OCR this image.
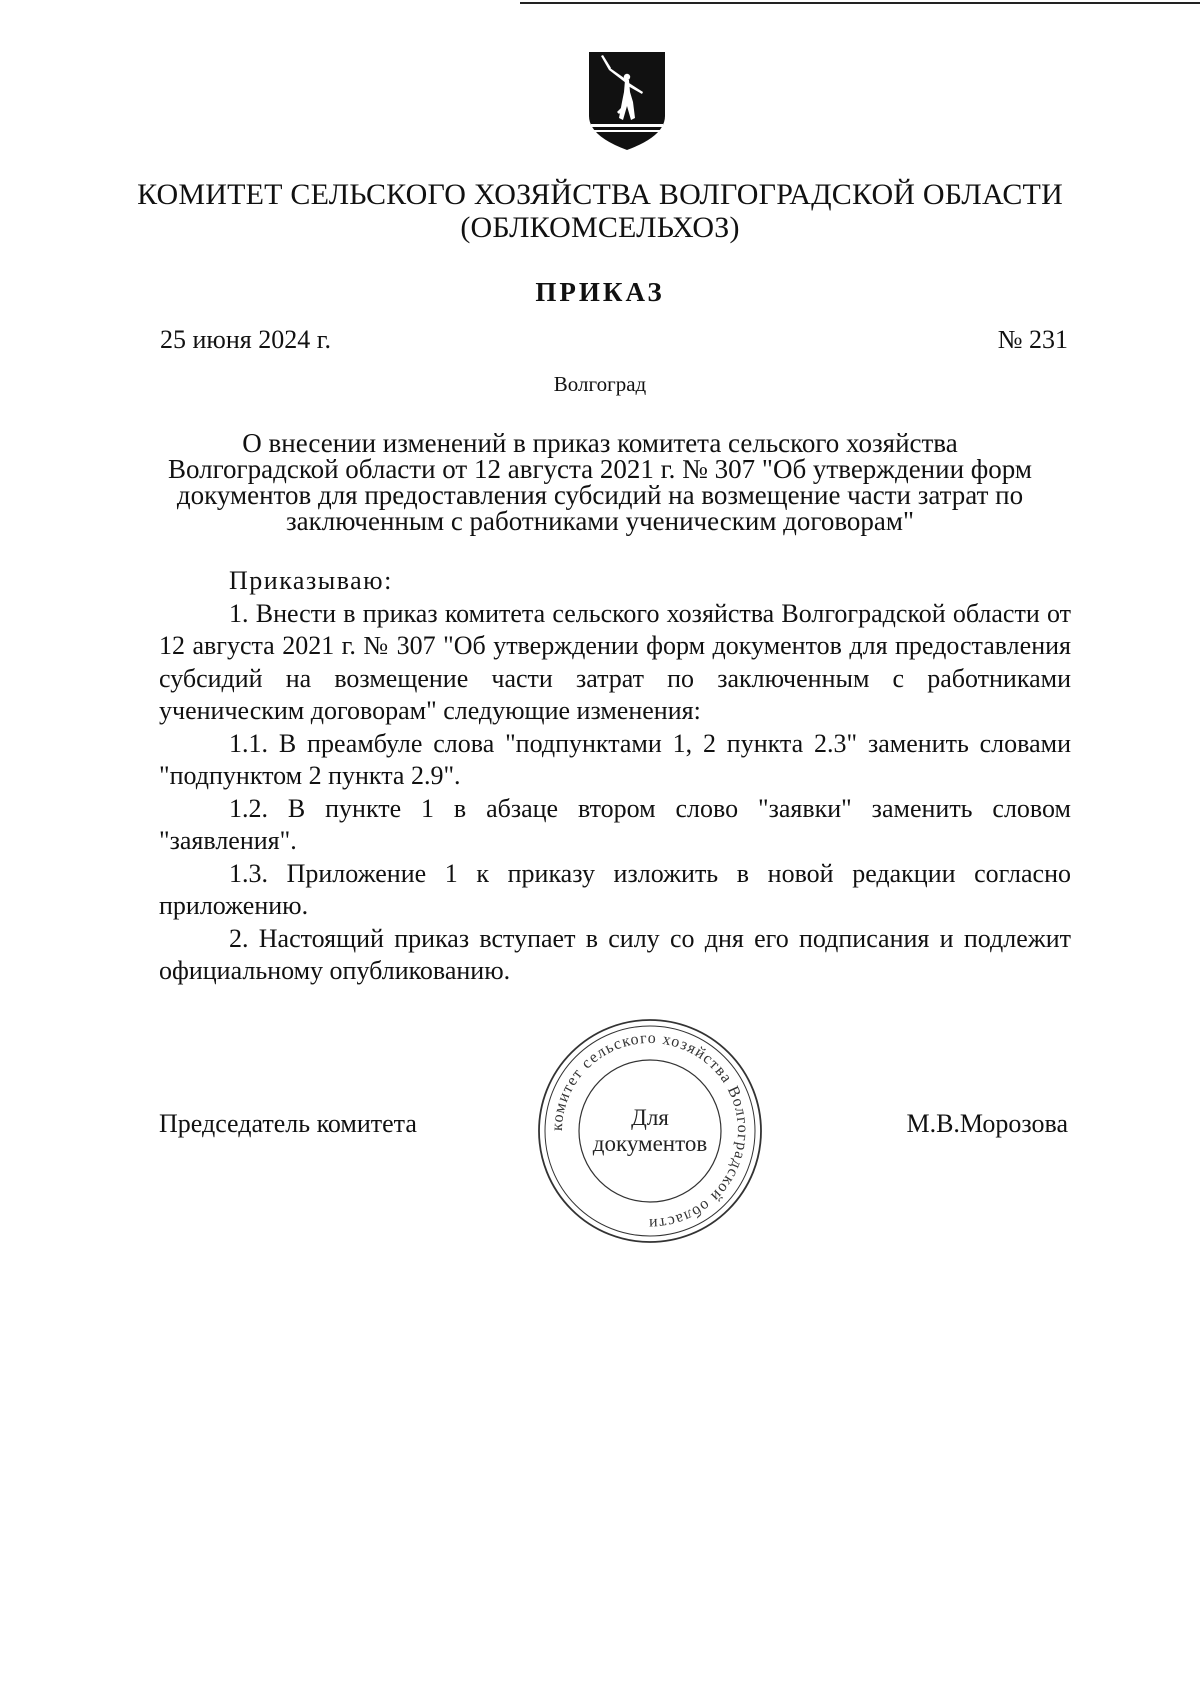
КОМИТЕТ СЕЛЬСКОГО ХОЗЯЙСТВА ВОЛГОГРАДСКОЙ ОБЛАСТИ
(ОБЛКОМСЕЛЬХОЗ)
ПРИКАЗ
25 июня 2024 г.	№ 231
Волгоград
О внесении изменений в приказ комитета сельского хозяйства
Волгоградской области от 12 августа 2021 г. № 307 "Об утверждении форм
документов для предоставления субсидий на возмещение части затрат по
заключенным с работниками ученическим договорам"

Приказываю:

1. Внести в приказ комитета сельского хозяйства Волгоградской области от 12 августа 2021 г. № 307 "Об утверждении форм документов для предоставления субсидий на возмещение части затрат по заключенным с работниками ученическим договорам" следующие изменения:

1.1. В преамбуле слова "подпунктами 1, 2 пункта 2.3" заменить словами "подпунктом 2 пункта 2.9".

1.2. В пункте 1 в абзаце втором слово "заявки" заменить словом "заявления".

1.3. Приложение 1 к приказу изложить в новой редакции согласно приложению.

2. Настоящий приказ вступает в силу со дня его подписания и подлежит официальному опубликованию.

Председатель комитета	М.В.Морозова
комитет сельского хозяйства Волгоградской области
Для
документов
